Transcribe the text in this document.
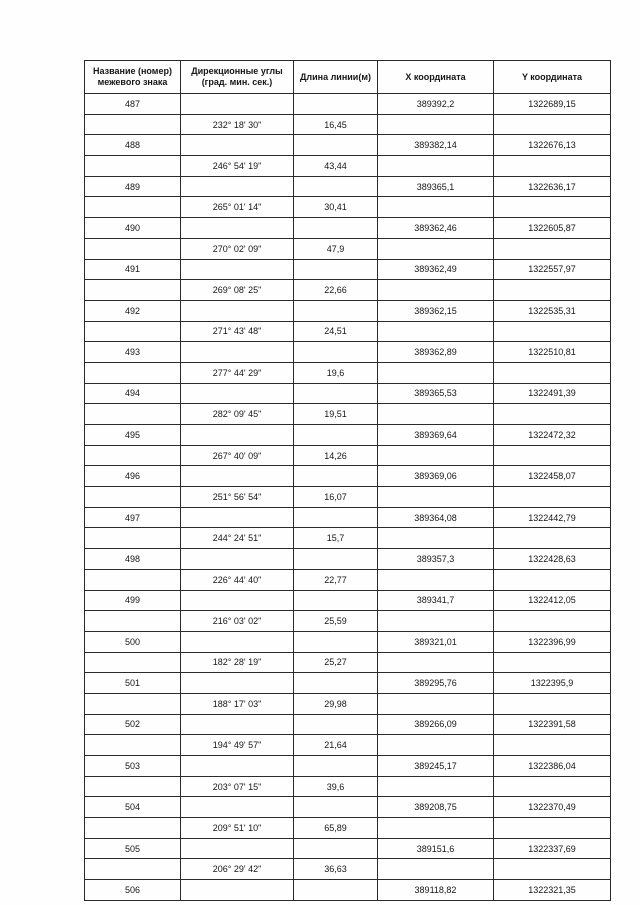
Название (номер)
межевого знака	Дирекционные углы
(град. мин. сек.)	Длина линии(м)	X координата	Y координата

487			389392,2	1322689,15
	232° 18' 30"	16,45		
488			389382,14	1322676,13
	246° 54' 19"	43,44		
489			389365,1	1322636,17
	265° 01' 14"	30,41		
490			389362,46	1322605,87
	270° 02' 09"	47,9		
491			389362,49	1322557,97
	269° 08' 25"	22,66		
492			389362,15	1322535,31
	271° 43' 48"	24,51		
493			389362,89	1322510,81
	277° 44' 29"	19,6		
494			389365,53	1322491,39
	282° 09' 45"	19,51		
495			389369,64	1322472,32
	267° 40' 09"	14,26		
496			389369,06	1322458,07
	251° 56' 54"	16,07		
497			389364,08	1322442,79
	244° 24' 51"	15,7		
498			389357,3	1322428,63
	226° 44' 40"	22,77		
499			389341,7	1322412,05
	216° 03' 02"	25,59		
500			389321,01	1322396,99
	182° 28' 19"	25,27		
501			389295,76	1322395,9
	188° 17' 03"	29,98		
502			389266,09	1322391,58
	194° 49' 57"	21,64		
503			389245,17	1322386,04
	203° 07' 15"	39,6		
504			389208,75	1322370,49
	209° 51' 10"	65,89		
505			389151,6	1322337,69
	206° 29' 42"	36,63		
506			389118,82	1322321,35
